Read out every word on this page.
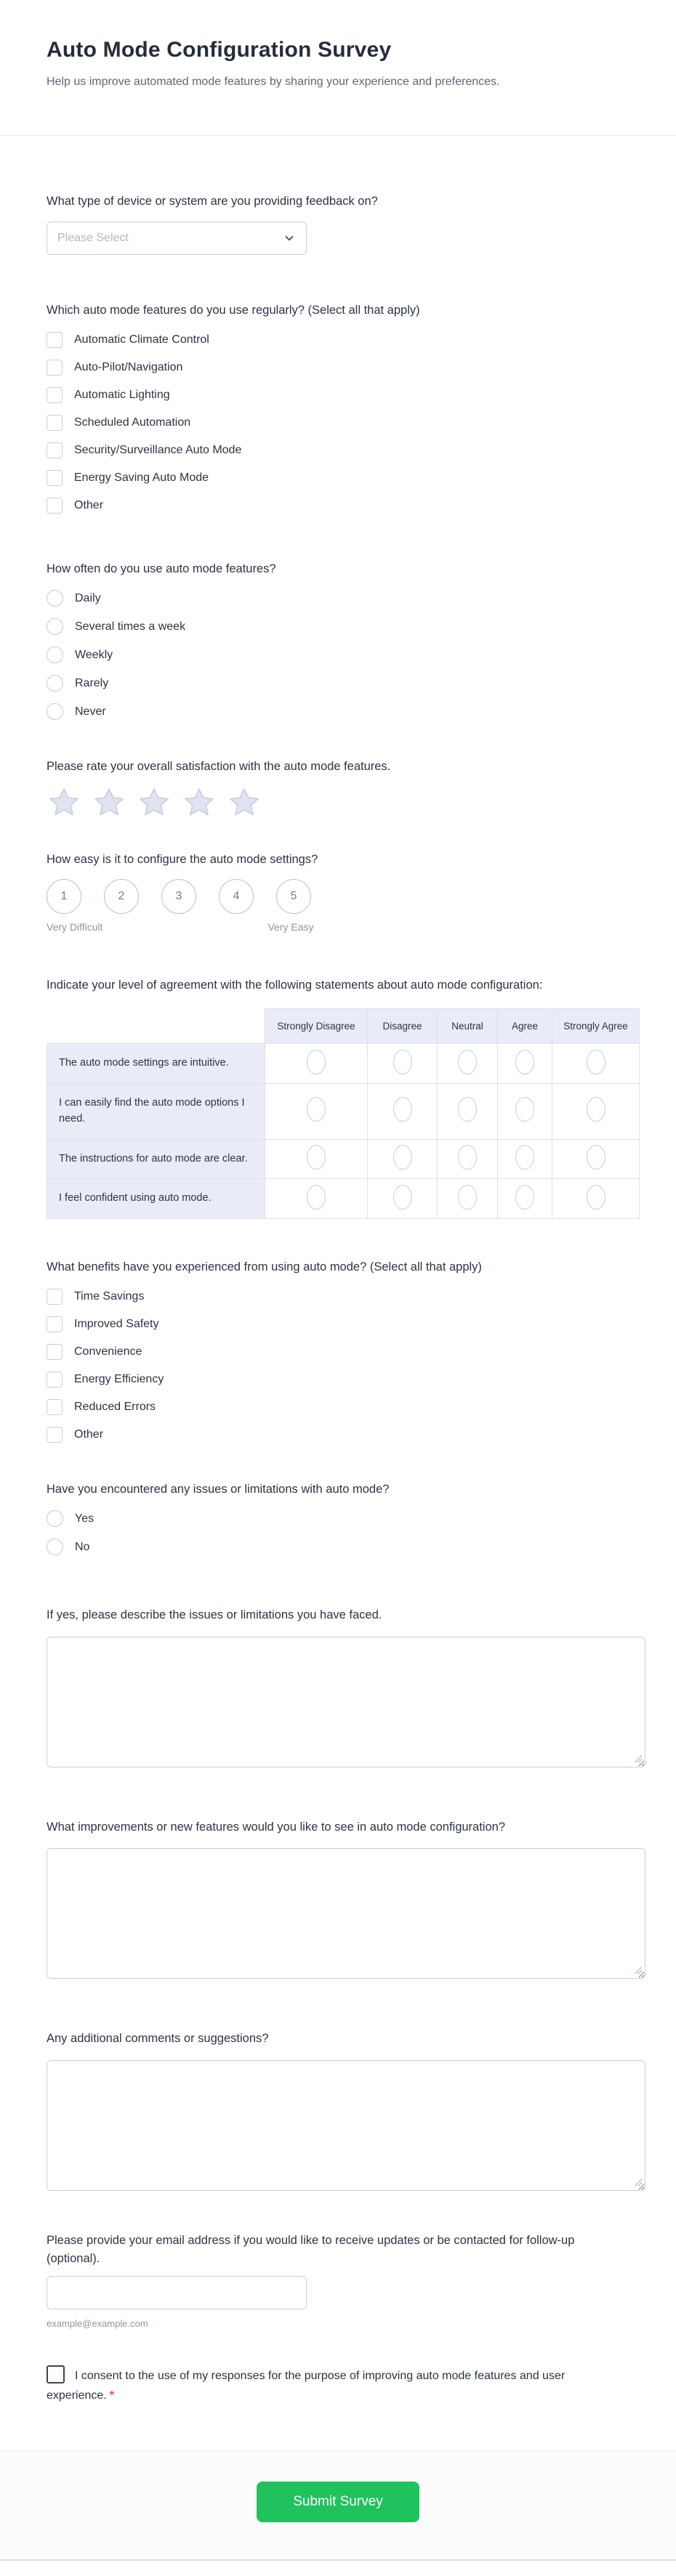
Auto Mode Configuration Survey

Help us improve automated mode features by sharing your experience and preferences.

What type of device or system are you providing feedback on?
Please Select
Which auto mode features do you use regularly? (Select all that apply)
Automatic Climate Control
Auto-Pilot/Navigation
Automatic Lighting
Scheduled Automation
Security/Surveillance Auto Mode
Energy Saving Auto Mode
Other
How often do you use auto mode features?
Daily
Several times a week
Weekly
Rarely
Never
Please rate your overall satisfaction with the auto mode features.
How easy is it to configure the auto mode settings?
1	2	3	4	5
Very Difficult	Very Easy
Indicate your level of agreement with the following statements about auto mode configuration:
	Strongly Disagree	Disagree	Neutral	Agree	Strongly Agree
The auto mode settings are intuitive.					
I can easily find the auto mode options I need.					
The instructions for auto mode are clear.					
I feel confident using auto mode.					
What benefits have you experienced from using auto mode? (Select all that apply)
Time Savings
Improved Safety
Convenience
Energy Efficiency
Reduced Errors
Other
Have you encountered any issues or limitations with auto mode?
Yes
No
If yes, please describe the issues or limitations you have faced.
What improvements or new features would you like to see in auto mode configuration?
Any additional comments or suggestions?
Please provide your email address if you would like to receive updates or be contacted for follow-up (optional).
example@example.com

I consent to the use of my responses for the purpose of improving auto mode features and user experience. *

Submit Survey
